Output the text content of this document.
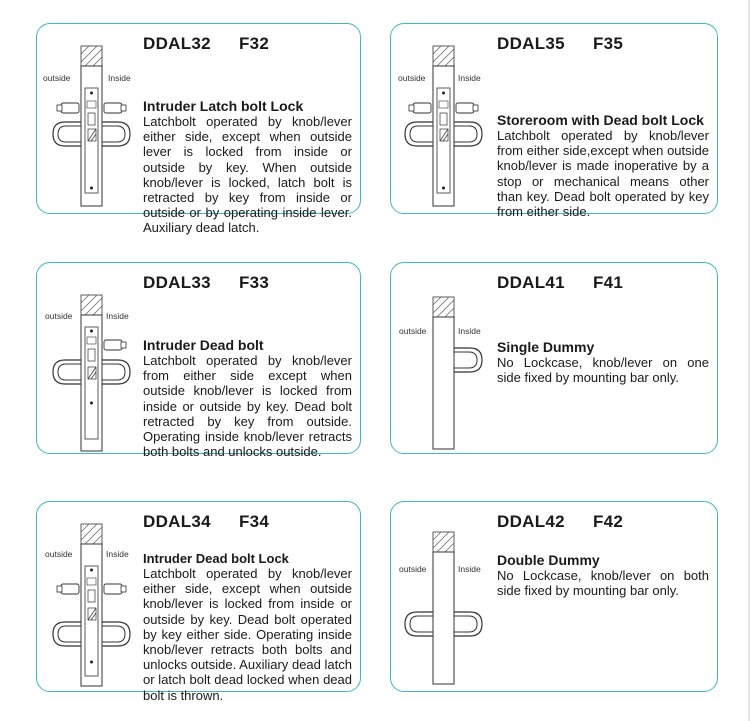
DDAL32 F32
outside	Inside
Intruder Latch bolt Lock
Latchbolt operated by knob/lever either side, except when outside lever is locked from inside or outside by key. When outside knob/lever is locked, latch bolt is retracted by key from inside or outside or by operating inside lever. Auxiliary dead latch.
DDAL35 F35
outside	Inside
Storeroom with Dead bolt Lock
Latchbolt operated by knob/lever from either side,except when outside knob/lever is made inoperative by a stop or mechanical means other than key. Dead bolt operated by key from either side.
DDAL33 F33
outside	Inside
Intruder Dead bolt
Latchbolt operated by knob/lever from either side except when outside knob/lever is locked from inside or outside by key. Dead bolt retracted by key from outside. Operating inside knob/lever retracts both bolts and unlocks outside.
DDAL41 F41
outside	Inside
Single Dummy
No Lockcase, knob/lever on one side fixed by mounting bar only.
DDAL34 F34
outside	Inside Intruder Dead bolt Lock
Latchbolt operated by knob/lever either side, except when outside knob/lever is locked from inside or outside by key. Dead bolt operated by key either side. Operating inside knob/lever retracts both bolts and unlocks outside. Auxiliary dead latch or latch bolt dead locked when dead bolt is thrown.
DDAL42 F42
outside	Inside
Double Dummy
No Lockcase, knob/lever on both side fixed by mounting bar only.
